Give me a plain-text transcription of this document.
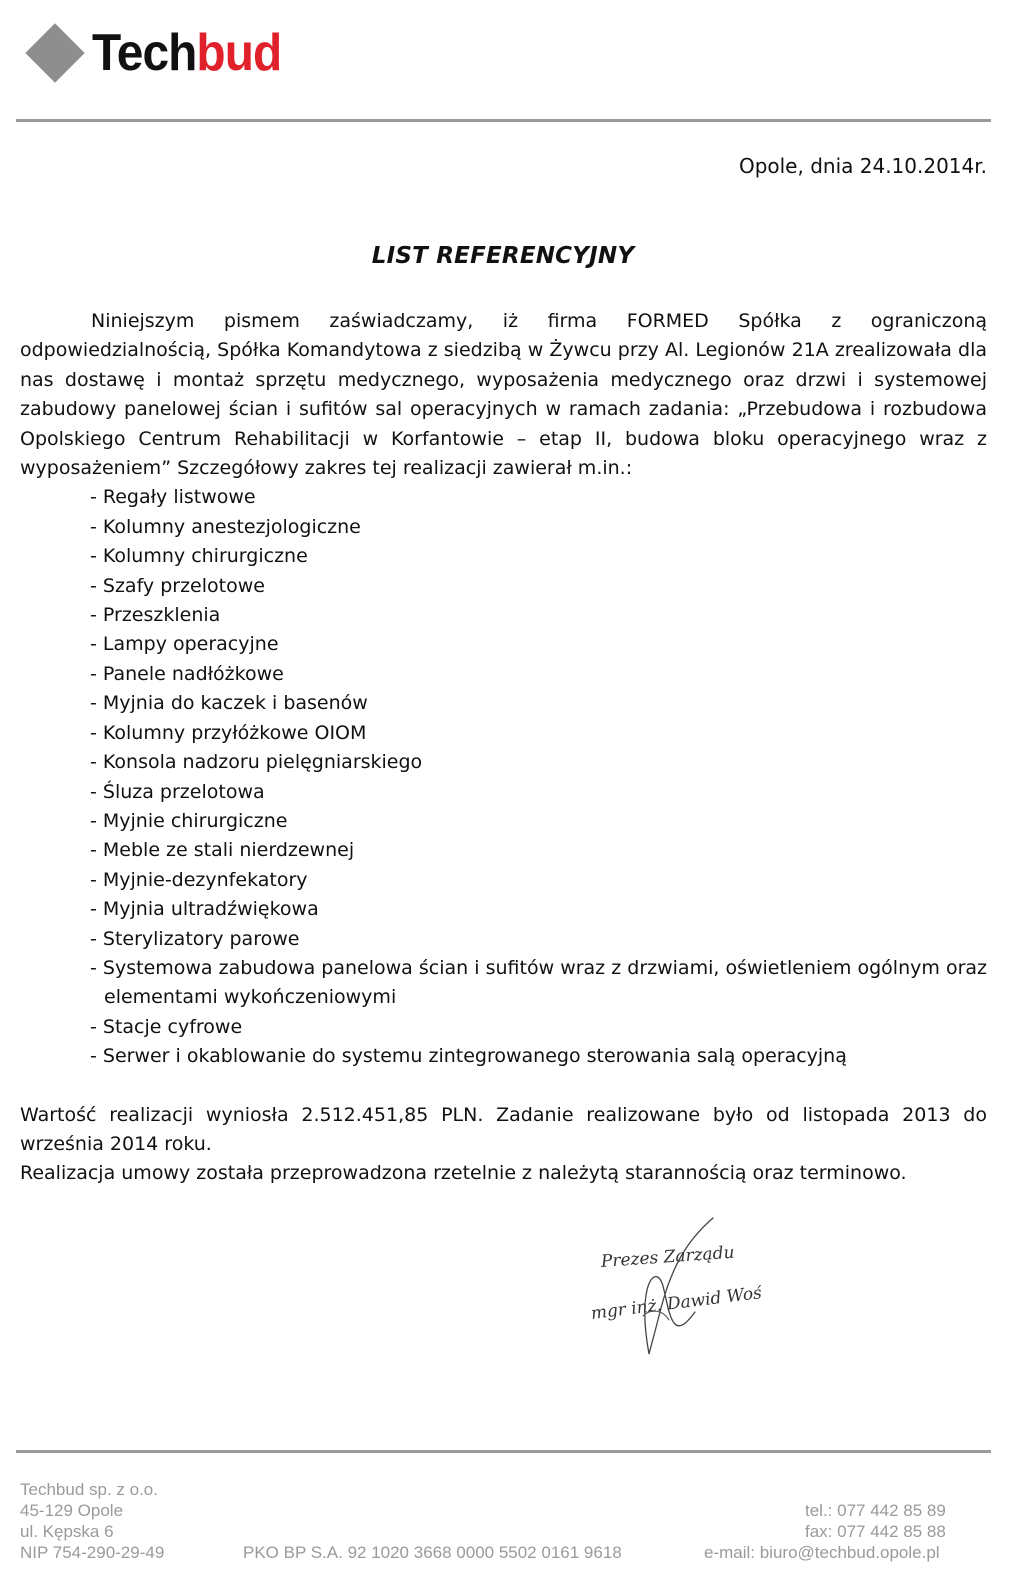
Techbud
Opole, dnia 24.10.2014r.
LIST REFERENCYJNY

Niniejszym pismem zaświadczamy, iż firma FORMED Spółka z ograniczoną odpowiedzialnością, Spółka Komandytowa z siedzibą w Żywcu przy Al. Legionów 21A zrealizowała dla nas dostawę i montaż sprzętu medycznego, wyposażenia medycznego oraz drzwi i systemowej zabudowy panelowej ścian i sufitów sal operacyjnych w ramach zadania: „Przebudowa i rozbudowa Opolskiego Centrum Rehabilitacji w Korfantowie – etap II, budowa bloku operacyjnego wraz z wyposażeniem” Szczegółowy zakres tej realizacji zawierał m.in.:

- Regały listwowe
- Kolumny anestezjologiczne
- Kolumny chirurgiczne
- Szafy przelotowe
- Przeszklenia
- Lampy operacyjne
- Panele nadłóżkowe
- Myjnia do kaczek i basenów
- Kolumny przyłóżkowe OIOM
- Konsola nadzoru pielęgniarskiego
- Śluza przelotowa
- Myjnie chirurgiczne
- Meble ze stali nierdzewnej
- Myjnie-dezynfekatory
- Myjnia ultradźwiękowa
- Sterylizatory parowe
- Systemowa zabudowa panelowa ścian i sufitów wraz z drzwiami, oświetleniem ogólnym oraz elementami wykończeniowymi
- Stacje cyfrowe
- Serwer i okablowanie do systemu zintegrowanego sterowania salą operacyjną

Wartość realizacji wyniosła 2.512.451,85 PLN. Zadanie realizowane było od listopada 2013 do września 2014 roku.

Realizacja umowy została przeprowadzona rzetelnie z należytą starannością oraz terminowo.

Prezes Zarządu
mgr inż. Dawid Woś
Techbud sp. z o.o.
45-129 Opole
ul. Kępska 6
NIP 754-290-29-49	PKO BP S.A. 92 1020 3668 0000 5502 0161 9618
tel.: 077 442 85 89
fax: 077 442 85 88
e-mail: biuro@techbud.opole.pl
